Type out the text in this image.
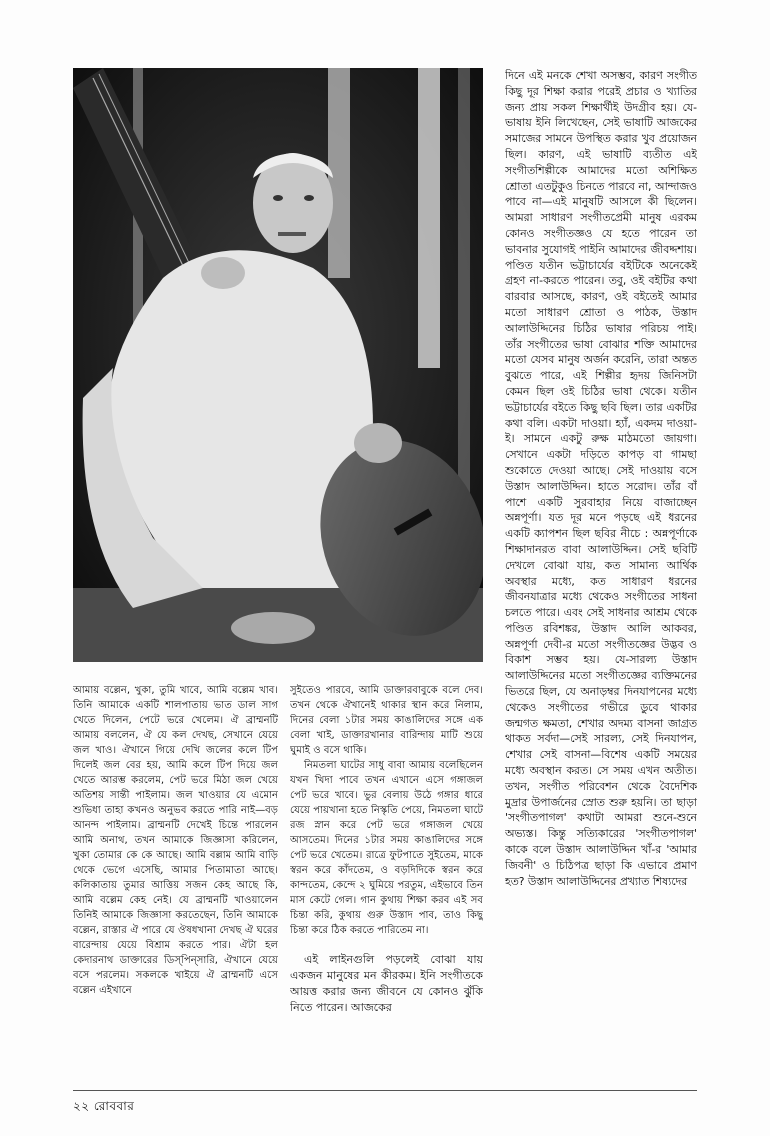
দিনে এই মনকে শেখা অসম্ভব, কারণ সংগীত কিছু দূর শিক্ষা করার পরেই প্রচার ও খ্যাতির জন্য প্রায় সকল শিক্ষার্থীই উদগ্রীব হয়। যে-ভাষায় ইনি লিখেছেন, সেই ভাষাটি আজকের সমাজের সামনে উপস্থিত করার খুব প্রয়োজন ছিল। কারণ, এই ভাষাটি ব্যতীত এই সংগীতশিল্পীকে আমাদের মতো অশিক্ষিত শ্রোতা এতটুকুও চিনতে পারবে না, আন্দাজও পাবে না—এই মানুষটি আসলে কী ছিলেন। আমরা সাধারণ সংগীতপ্রেমী মানুষ এরকম কোনও সংগীতজ্ঞও যে হতে পারেন তা ভাবনার সুযোগই পাইনি আমাদের জীবদ্দশায়। পণ্ডিত যতীন ভট্টাচার্যের বইটিকে অনেকেই গ্রহণ না-করতে পারেন। তবু, ওই বইটির কথা বারবার আসছে, কারণ, ওই বইতেই আমার মতো সাধারণ শ্রোতা ও পাঠক, উস্তাদ আলাউদ্দিনের চিঠির ভাষার পরিচয় পাই। তাঁর সংগীতের ভাষা বোঝার শক্তি আমাদের মতো যেসব মানুষ অর্জন করেনি, তারা অন্তত বুঝতে পারে, এই শিল্পীর হৃদয় জিনিসটা কেমন ছিল ওই চিঠির ভাষা থেকে। যতীন ভট্টাচার্যের বইতে কিছু ছবি ছিল। তার একটির কথা বলি। একটা দাওয়া। হ্যাঁ, একদম দাওয়া-ই। সামনে একটু রুক্ষ মাঠমতো জায়গা। সেখানে একটা দড়িতে কাপড় বা গামছা শুকোতে দেওয়া আছে। সেই দাওয়ায় বসে উস্তাদ আলাউদ্দিন। হাতে সরোদ। তাঁর বাঁ পাশে একটি সুরবাহার নিয়ে বাজাচ্ছেন অন্নপূর্ণা। যত দূর মনে পড়ছে এই ধরনের একটি ক্যাপশন ছিল ছবির নীচে : অন্নপূর্ণাকে শিক্ষাদানরত বাবা আলাউদ্দিন। সেই ছবিটি দেখলে বোঝা যায়, কত সামান্য আর্থিক অবস্থার মধ্যে, কত সাধারণ ধরনের জীবনযাত্রার মধ্যে থেকেও সংগীতের সাধনা চলতে পারে। এবং সেই সাধনার আশ্রম থেকে পণ্ডিত রবিশঙ্কর, উস্তাদ আলি আকবর, অন্নপূর্ণা দেবী-র মতো সংগীতজ্ঞের উদ্ভব ও বিকাশ সম্ভব হয়। যে-সারল্য উস্তাদ আলাউদ্দিনের মতো সংগীতজ্ঞের ব্যক্তিমনের ভিতরে ছিল, যে অনাড়ম্বর দিনযাপনের মধ্যে থেকেও সংগীতের গভীরে ডুবে থাকার জন্মগত ক্ষমতা, শেখার অদম্য বাসনা জাগ্রত থাকত সর্বদা—সেই সারল্য, সেই দিনযাপন, শেখার সেই বাসনা—বিশেষ একটি সময়ের মধ্যে অবস্থান করত। সে সময় এখন অতীত। তখন, সংগীত পরিবেশন থেকে বৈদেশিক মুদ্রার উপার্জনের স্রোত শুরু হয়নি। তা ছাড়া 'সংগীতপাগল' কথাটা আমরা শুনে-শুনে অভ্যস্ত। কিন্তু সত্যিকারের 'সংগীতপাগল' কাকে বলে উস্তাদ আলাউদ্দিন খাঁ-র 'আমার জিবনী' ও চিঠিপত্র ছাড়া কি এভাবে প্রমাণ হত? উস্তাদ আলাউদ্দিনের প্রখ্যাত শিষ্যদের

আমায় বল্লেন, খুকা, তুমি খাবে, আমি বল্লেম খাব। তিনি আমাকে একটি শালপাতায় ভাত ডাল সাগ খেতে দিলেন, পেটে ভরে খেলেম। ঐ ব্রাম্মনটি আমায় বললেন, ঐ যে কল দেখছ, সেখানে যেয়ে জল খাও। ঐখানে গিয়ে দেখি জলের কলে টিপ দিলেই জল বের হয়, আমি কলে টিপ দিয়ে জল খেতে আরম্ভ করলেম, পেট ভরে মিঠা জল খেয়ে অতিশয় সান্তী পাইলাম। জল খাওয়ার যে এমোন শুভিধা তাহা কখনও অনুভব করতে পারি নাই—বড় আনন্দ পাইলাম। ব্রাম্মনটি দেখেই চিন্তে পারলেন আমি অনাথ, তখন আমাকে জিজ্ঞাসা করিলেন, খুকা তোমার কে কে আছে। আমি বল্লাম আমি বাড়ি থেকে ভেগে এসেছি, আমার পিতামাতা আছে। কলিকাতায় তুমার আত্তিয় সজন কেহ আছে কি, আমি বল্লেম কেহ নেই। যে ব্রাম্মনটি খাওয়ালেন তিনিই আমাকে জিজ্ঞাসা করতেছেন, তিনি আমাকে বল্লেন, রাস্তার ঐ পারে যে ঔষধখানা দেখছ ঐ ঘরের বারেন্দায় যেয়ে বিশ্রাম করতে পার। ঐটা হল কেদারনাথ ডাক্তারের ডিস্‌পিন্‌সারি, ঐখানে যেয়ে বসে পরলেম। সকলকে খাইয়ে ঐ ব্রাম্মনটি এসে বল্লেন এইখানে

সুইতেও পারবে, আমি ডাক্তারবাবুকে বলে দেব। তখন থেকে ঐখানেই থাকার স্থান করে নিলাম, দিনের বেলা ১টার সময় কাঙালিদের সঙ্গে এক বেলা খাই, ডাক্তারখানার বারিন্দায় মাটি শুয়ে ঘুমাই ও বসে থাকি।

নিমতলা ঘাটের সাধু বাবা আমায় বলেছিলেন যখন খিদা পাবে তখন এখানে এসে গঙ্গাজল পেট ভরে খাবে। ভুর বেলায় উঠে গঙ্গার ধারে যেয়ে পায়খানা হতে নিস্কৃতি পেয়ে, নিমতলা ঘাটে রজ স্নান করে পেট ভরে গঙ্গাজল খেয়ে আসতেম। দিনের ১টার সময় কাঙালিদের সঙ্গে পেট ভরে খেতেম। রাত্রে ফুটপাতে সুইতেম, মাকে স্বরন করে কাঁদতেম, ও বড়দিদিকে স্বরন করে কান্দতেম, কেন্দে ২ ঘুমিয়ে পরতুম, এইভাবে তিন মাস কেটে গেল। গান কুথায় শিক্ষা করব এই সব চিন্তা করি, কুথায় গুরু উস্তাদ পাব, তাও কিছু চিন্তা করে ঠিক করতে পারিতেম না।

এই লাইনগুলি পড়লেই বোঝা যায় একজন মানুষের মন কীরকম। ইনি সংগীতকে আয়ত্ত করার জন্য জীবনে যে কোনও ঝুঁকি নিতে পারেন। আজকের

২২ রোববার
